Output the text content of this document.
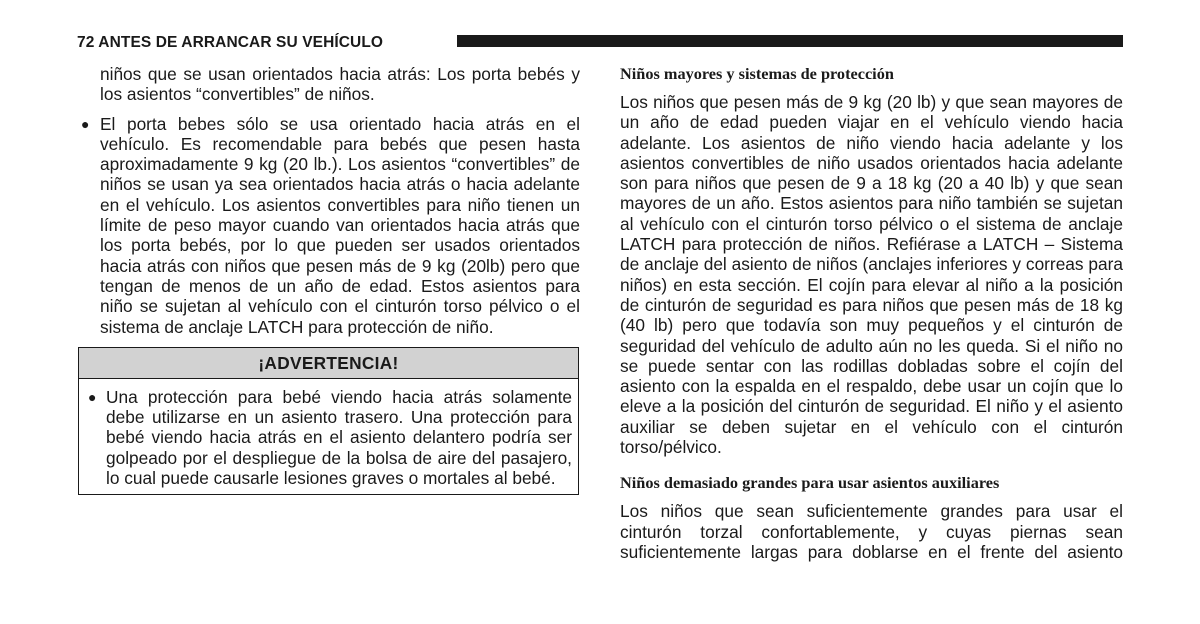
72 ANTES DE ARRANCAR SU VEHÍCULO

niños que se usan orientados hacia atrás: Los porta bebés y los asientos “convertibles” de niños.

● El porta bebes sólo se usa orientado hacia atrás en el vehículo. Es recomendable para bebés que pesen hasta aproximadamente 9 kg (20 lb.). Los asientos “convertibles” de niños se usan ya sea orientados hacia atrás o hacia adelante en el vehículo. Los asientos convertibles para niño tienen un límite de peso mayor cuando van orientados hacia atrás que los porta bebés, por lo que pueden ser usados orientados hacia atrás con niños que pesen más de 9 kg (20lb) pero que tengan de menos de un año de edad. Estos asientos para niño se sujetan al vehículo con el cinturón torso pélvico o el sistema de anclaje LATCH para protección de niño.

¡ADVERTENCIA!
● Una protección para bebé viendo hacia atrás solamente debe utilizarse en un asiento trasero. Una protección para bebé viendo hacia atrás en el asiento delantero podría ser golpeado por el despliegue de la bolsa de aire del pasajero, lo cual puede causarle lesiones graves o mortales al bebé.

Niños mayores y sistemas de protección

Los niños que pesen más de 9 kg (20 lb) y que sean mayores de un año de edad pueden viajar en el vehículo viendo hacia adelante. Los asientos de niño viendo hacia adelante y los asientos convertibles de niño usados orientados hacia adelante son para niños que pesen de 9 a 18 kg (20 a 40 lb) y que sean mayores de un año. Estos asientos para niño también se sujetan al vehículo con el cinturón torso pélvico o el sistema de anclaje LATCH para protección de niños. Refiérase a LATCH – Sistema de anclaje del asiento de niños (anclajes inferiores y correas para niños) en esta sección. El cojín para elevar al niño a la posición de cinturón de seguridad es para niños que pesen más de 18 kg (40 lb) pero que todavía son muy pequeños y el cinturón de seguridad del vehículo de adulto aún no les queda. Si el niño no se puede sentar con las rodillas dobladas sobre el cojín del asiento con la espalda en el respaldo, debe usar un cojín que lo eleve a la posición del cinturón de seguridad. El niño y el asiento auxiliar se deben sujetar en el vehículo con el cinturón torso/pélvico.

Niños demasiado grandes para usar asientos auxiliares

Los niños que sean suficientemente grandes para usar el cinturón torzal confortablemente, y cuyas piernas sean suficientemente largas para doblarse en el frente del asiento
